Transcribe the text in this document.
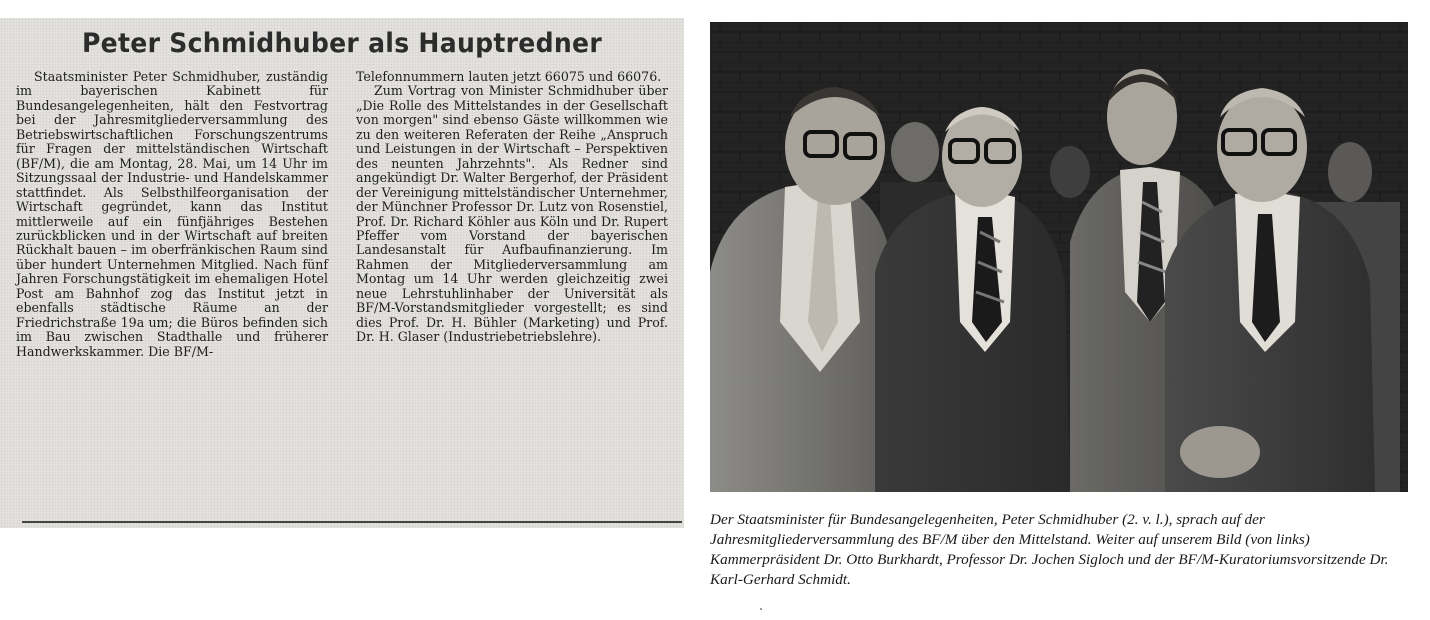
Peter Schmidhuber als Hauptredner

Staatsminister Peter Schmidhuber, zuständig im bayerischen Kabinett für Bundesangelegenheiten, hält den Festvortrag bei der Jahresmitgliederversammlung des Betriebswirtschaftlichen Forschungszentrums für Fragen der mittelständischen Wirtschaft (BF/M), die am Montag, 28. Mai, um 14 Uhr im Sitzungssaal der Industrie- und Handelskammer stattfindet. Als Selbsthilfeorganisation der Wirtschaft gegründet, kann das Institut mittlerweile auf ein fünfjähriges Bestehen zurückblicken und in der Wirtschaft auf breiten Rückhalt bauen – im oberfränkischen Raum sind über hundert Unternehmen Mitglied. Nach fünf Jahren Forschungstätigkeit im ehemaligen Hotel Post am Bahnhof zog das Institut jetzt in ebenfalls städtische Räume an der Friedrichstraße 19a um; die Büros befinden sich im Bau zwischen Stadthalle und früherer Handwerkskammer. Die BF/M-

Telefonnummern lauten jetzt 66075 und 66076.

Zum Vortrag von Minister Schmidhuber über „Die Rolle des Mittelstandes in der Gesellschaft von morgen" sind ebenso Gäste willkommen wie zu den weiteren Referaten der Reihe „Anspruch und Leistungen in der Wirtschaft – Perspektiven des neunten Jahrzehnts". Als Redner sind angekündigt Dr. Walter Bergerhof, der Präsident der Vereinigung mittelständischer Unternehmer, der Münchner Professor Dr. Lutz von Rosenstiel, Prof. Dr. Richard Köhler aus Köln und Dr. Rupert Pfeffer vom Vorstand der bayerischen Landesanstalt für Aufbaufinanzierung. Im Rahmen der Mitgliederversammlung am Montag um 14 Uhr werden gleichzeitig zwei neue Lehrstuhlinhaber der Universität als BF/M-Vorstandsmitglieder vorgestellt; es sind dies Prof. Dr. H. Bühler (Marketing) und Prof. Dr. H. Glaser (Industriebetriebslehre).

Der Staatsminister für Bundesangelegenheiten, Peter Schmidhuber (2. v. l.), sprach auf der Jahresmitgliederversammlung des BF/M über den Mittelstand. Weiter auf unserem Bild (von links) Kammerpräsident Dr. Otto Burkhardt, Professor Dr. Jochen Sigloch und der BF/M-Kuratoriumsvorsitzende Dr. Karl-Gerhard Schmidt.
